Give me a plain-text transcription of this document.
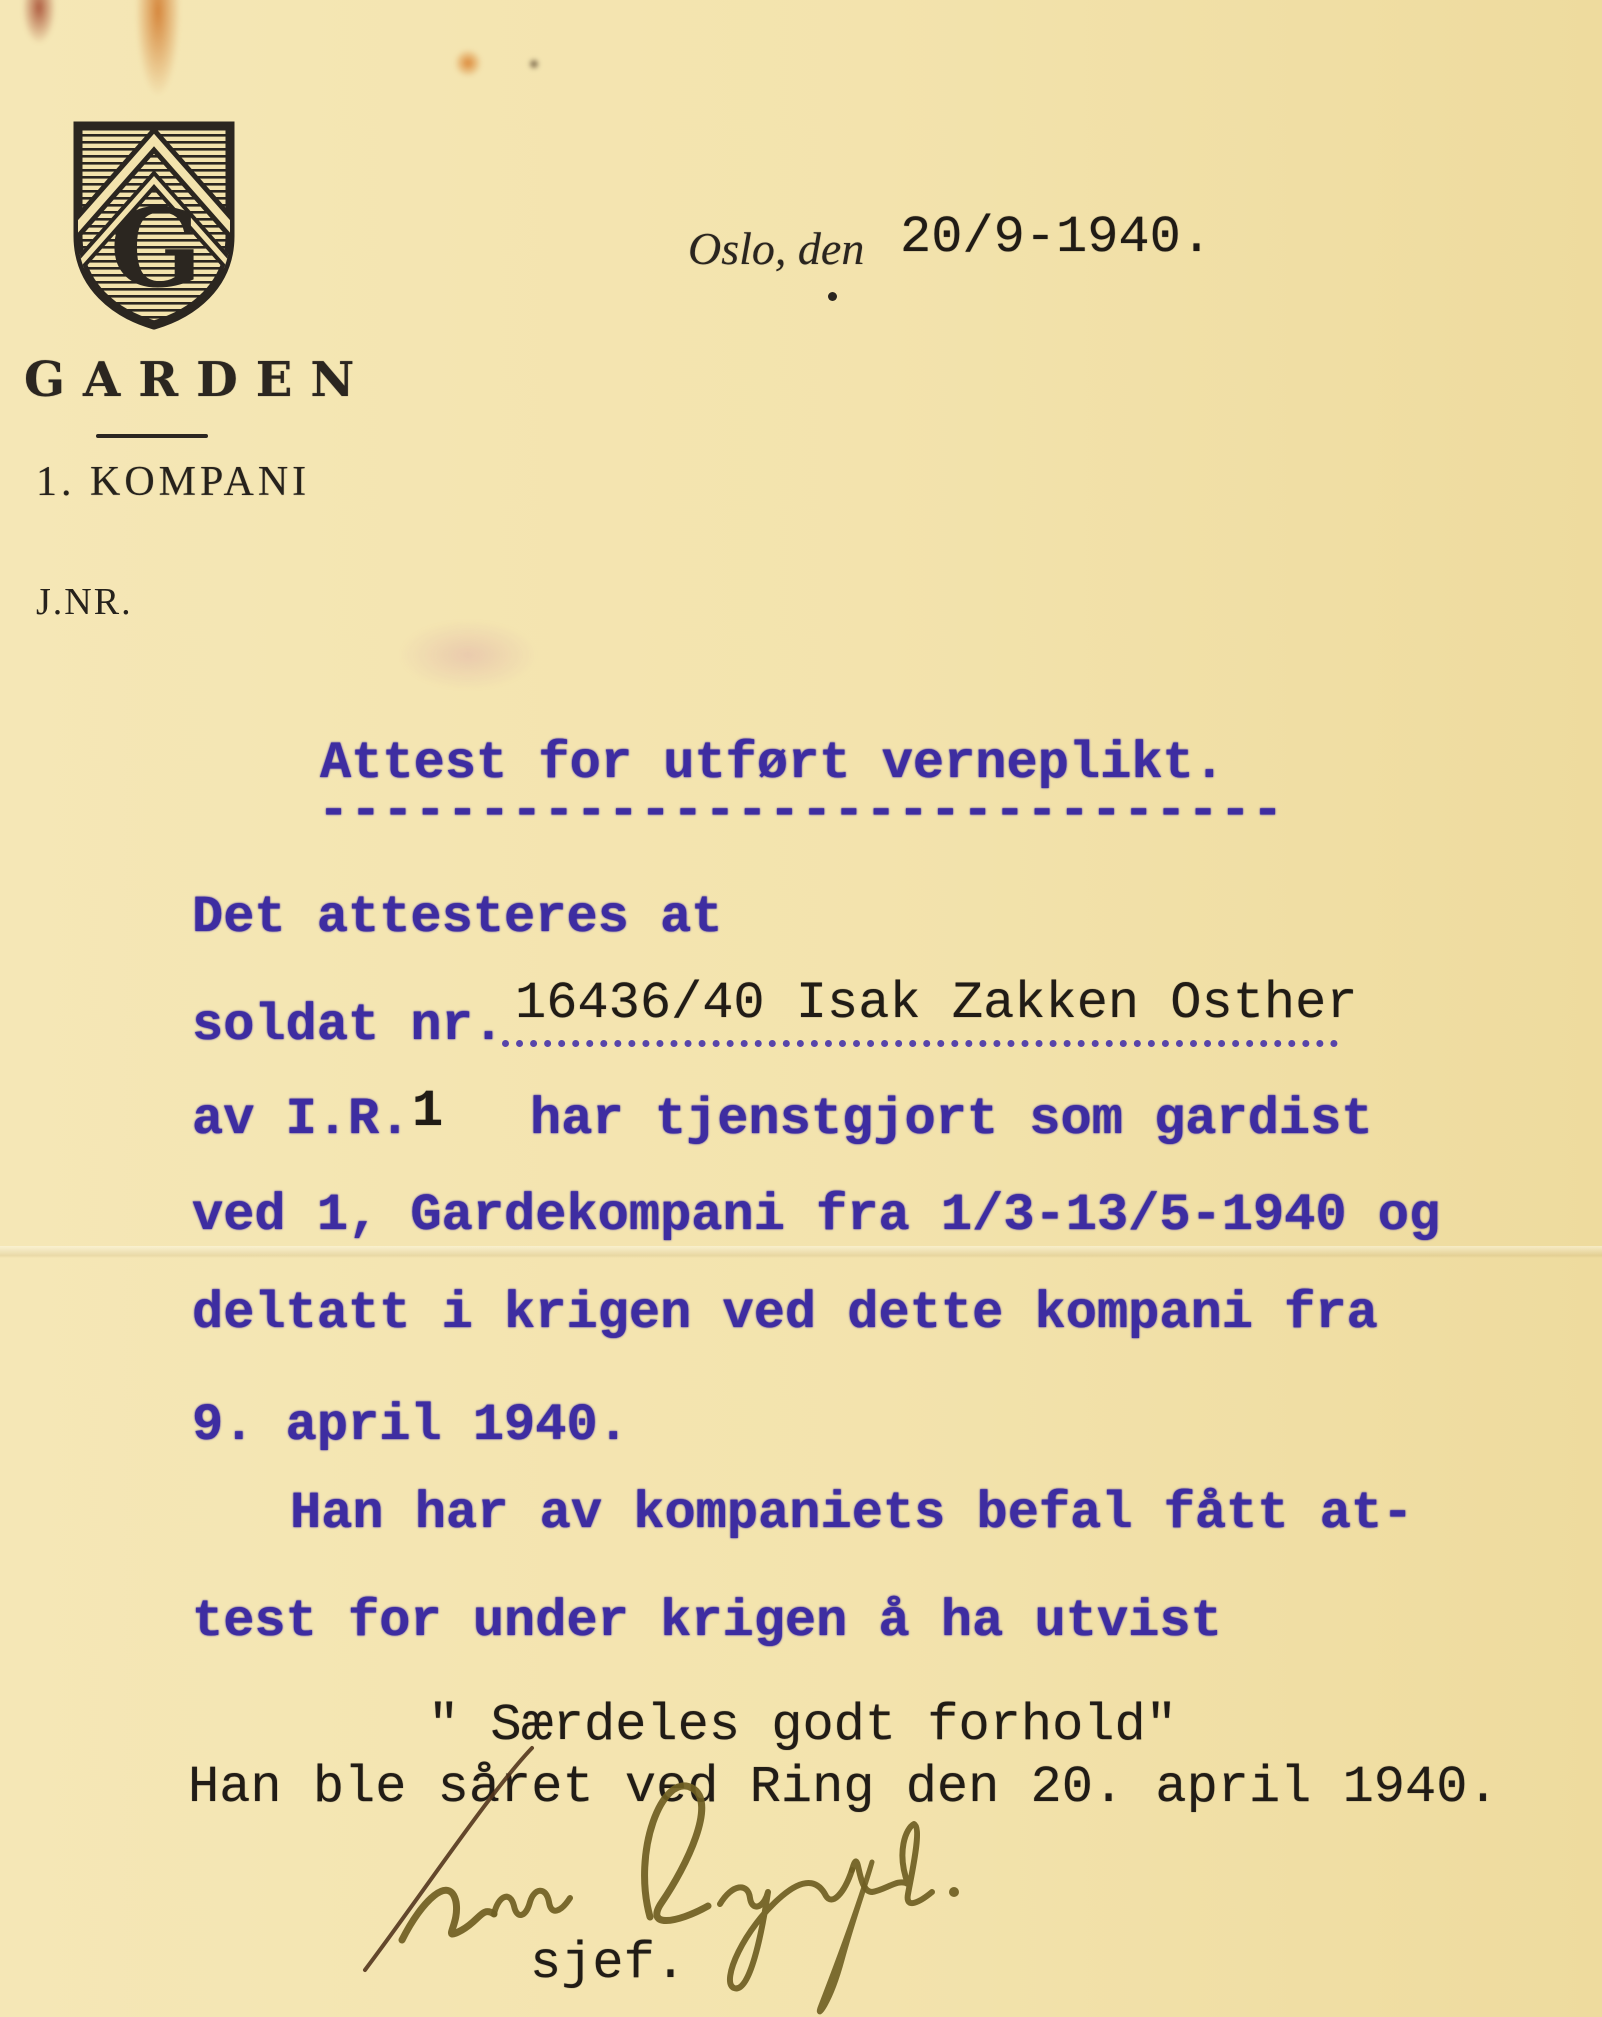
G
GARDEN
1. KOMPANI
J.NR.
Oslo, den 20/9-1940.
Attest for utført verneplikt.
------------------------------
Det attesteres at
soldat nr. 16436/40 Isak Zakken Osther
av I.R. 1 har tjenstgjort som gardist
ved 1, Gardekompani fra 1/3-13/5-1940 og
deltatt i krigen ved dette kompani fra
9. april 1940.
Han har av kompaniets befal fått at-
test for under krigen å ha utvist
" Særdeles godt forhold"
Han ble såret ved Ring den 20. april 1940.
sjef.
